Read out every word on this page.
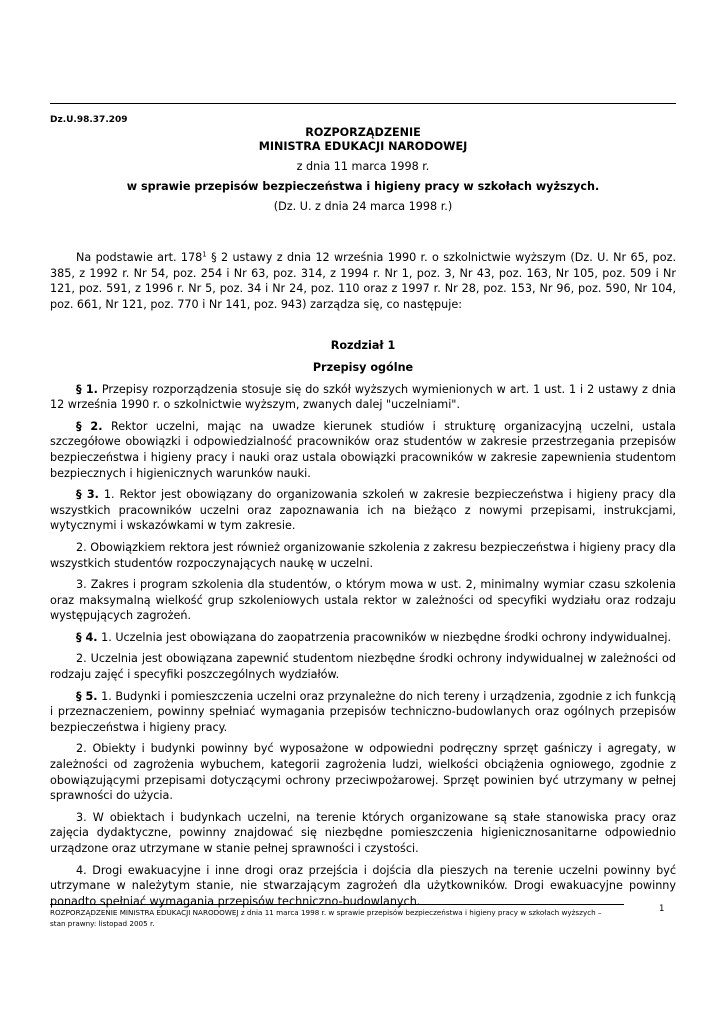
Dz.U.98.37.209
ROZPORZĄDZENIE
MINISTRA EDUKACJI NARODOWEJ
z dnia 11 marca 1998 r.
w sprawie przepisów bezpieczeństwa i higieny pracy w szkołach wyższych.
(Dz. U. z dnia 24 marca 1998 r.)

Na podstawie art. $178^1$ § 2 ustawy z dnia 12 września 1990 r. o szkolnictwie wyższym (Dz. U. Nr 65, poz. 385, z 1992 r. Nr 54, poz. 254 i Nr 63, poz. 314, z 1994 r. Nr 1, poz. 3, Nr 43, poz. 163, Nr 105, poz. 509 i Nr 121, poz. 591, z 1996 r. Nr 5, poz. 34 i Nr 24, poz. 110 oraz z 1997 r. Nr 28, poz. 153, Nr 96, poz. 590, Nr 104, poz. 661, Nr 121, poz. 770 i Nr 141, poz. 943) zarządza się, co następuje:

Rozdział 1
Przepisy ogólne

§ 1. Przepisy rozporządzenia stosuje się do szkół wyższych wymienionych w art. 1 ust. 1 i 2 ustawy z dnia 12 września 1990 r. o szkolnictwie wyższym, zwanych dalej "uczelniami".

§ 2. Rektor uczelni, mając na uwadze kierunek studiów i strukturę organizacyjną uczelni, ustala szczegółowe obowiązki i odpowiedzialność pracowników oraz studentów w zakresie przestrzegania przepisów bezpieczeństwa i higieny pracy i nauki oraz ustala obowiązki pracowników w zakresie zapewnienia studentom bezpiecznych i higienicznych warunków nauki.

§ 3. 1. Rektor jest obowiązany do organizowania szkoleń w zakresie bezpieczeństwa i higieny pracy dla wszystkich pracowników uczelni oraz zapoznawania ich na bieżąco z nowymi przepisami, instrukcjami, wytycznymi i wskazówkami w tym zakresie.

2. Obowiązkiem rektora jest również organizowanie szkolenia z zakresu bezpieczeństwa i higieny pracy dla wszystkich studentów rozpoczynających naukę w uczelni.

3. Zakres i program szkolenia dla studentów, o którym mowa w ust. 2, minimalny wymiar czasu szkolenia oraz maksymalną wielkość grup szkoleniowych ustala rektor w zależności od specyfiki wydziału oraz rodzaju występujących zagrożeń.

§ 4. 1. Uczelnia jest obowiązana do zaopatrzenia pracowników w niezbędne środki ochrony indywidualnej.

2. Uczelnia jest obowiązana zapewnić studentom niezbędne środki ochrony indywidualnej w zależności od rodzaju zajęć i specyfiki poszczególnych wydziałów.

§ 5. 1. Budynki i pomieszczenia uczelni oraz przynależne do nich tereny i urządzenia, zgodnie z ich funkcją i przeznaczeniem, powinny spełniać wymagania przepisów techniczno-budowlanych oraz ogólnych przepisów bezpieczeństwa i higieny pracy.

2. Obiekty i budynki powinny być wyposażone w odpowiedni podręczny sprzęt gaśniczy i agregaty, w zależności od zagrożenia wybuchem, kategorii zagrożenia ludzi, wielkości obciążenia ogniowego, zgodnie z obowiązującymi przepisami dotyczącymi ochrony przeciwpożarowej. Sprzęt powinien być utrzymany w pełnej sprawności do użycia.

3. W obiektach i budynkach uczelni, na terenie których organizowane są stałe stanowiska pracy oraz zajęcia dydaktyczne, powinny znajdować się niezbędne pomieszczenia higienicznosanitarne odpowiednio urządzone oraz utrzymane w stanie pełnej sprawności i czystości.

4. Drogi ewakuacyjne i inne drogi oraz przejścia i dojścia dla pieszych na terenie uczelni powinny być utrzymane w należytym stanie, nie stwarzającym zagrożeń dla użytkowników. Drogi ewakuacyjne powinny ponadto spełniać wymagania przepisów techniczno-budowlanych.

ROZPORZĄDZENIE MINISTRA EDUKACJI NARODOWEJ z dnia 11 marca 1998 r. w sprawie przepisów bezpieczeństwa i higieny pracy w szkołach wyższych –
stan prawny: listopad 2005 r.
1
